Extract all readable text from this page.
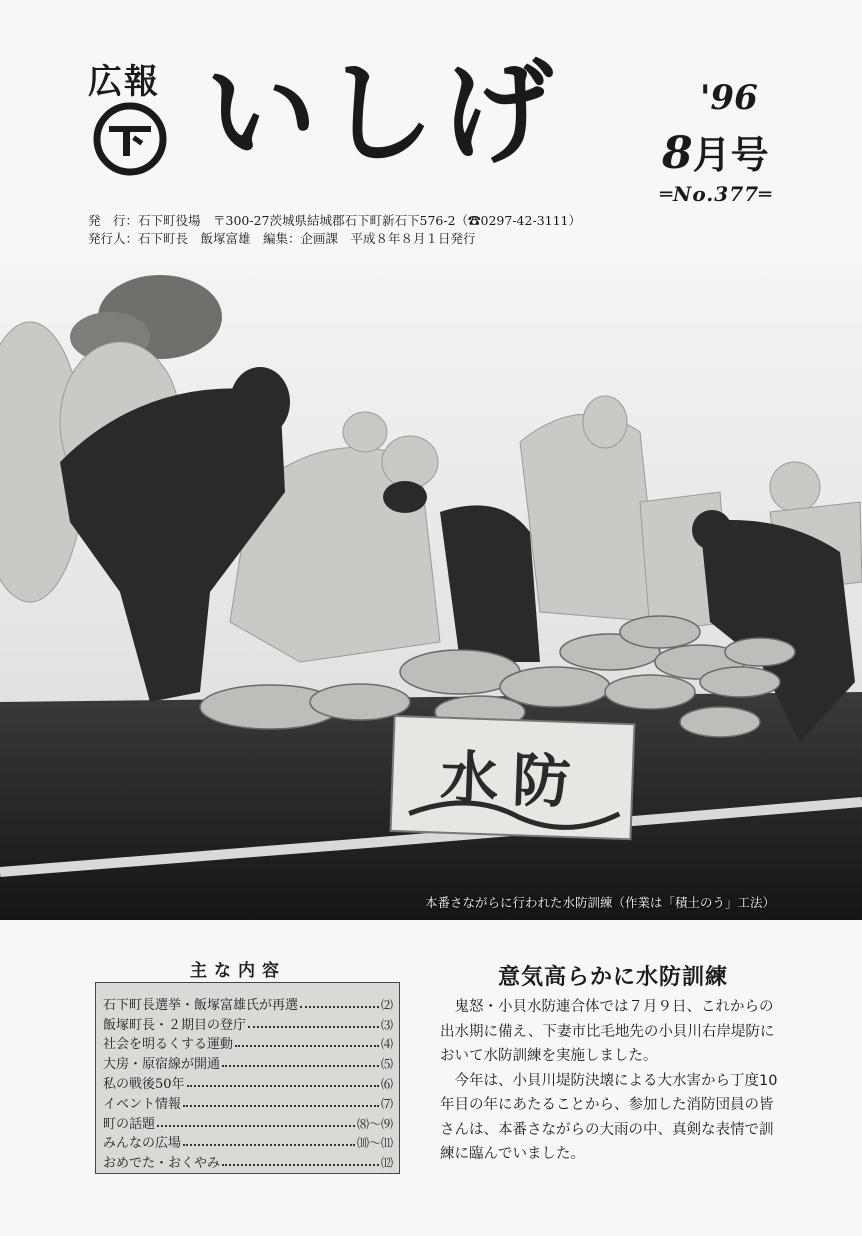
広報 いしげ	'96
8月号
═No.377═
発　行：石下町役場　〒300-27茨城県結城郡石下町新石下576-2（☎0297-42-3111）
発行人：石下町長　飯塚富雄　編集：企画課　平成８年８月１日発行
水防
本番さながらに行われた水防訓練（作業は「積土のう」工法）
主な内容
石下町長選挙・飯塚富雄氏が再選	⑵
飯塚町長・２期目の登庁	⑶
社会を明るくする運動	⑷
大房・原宿線が開通	⑸
私の戦後50年	⑹
イベント情報	⑺
町の話題	⑻〜⑼
みんなの広場	⑽〜⑾
おめでた・おくやみ	⑿
意気高らかに水防訓練

鬼怒・小貝水防連合体では７月９日、これからの出水期に備え、下妻市比毛地先の小貝川右岸堤防において水防訓練を実施しました。

今年は、小貝川堤防決壊による大水害から丁度10年目の年にあたることから、参加した消防団員の皆さんは、本番さながらの大雨の中、真剣な表情で訓練に臨んでいました。
